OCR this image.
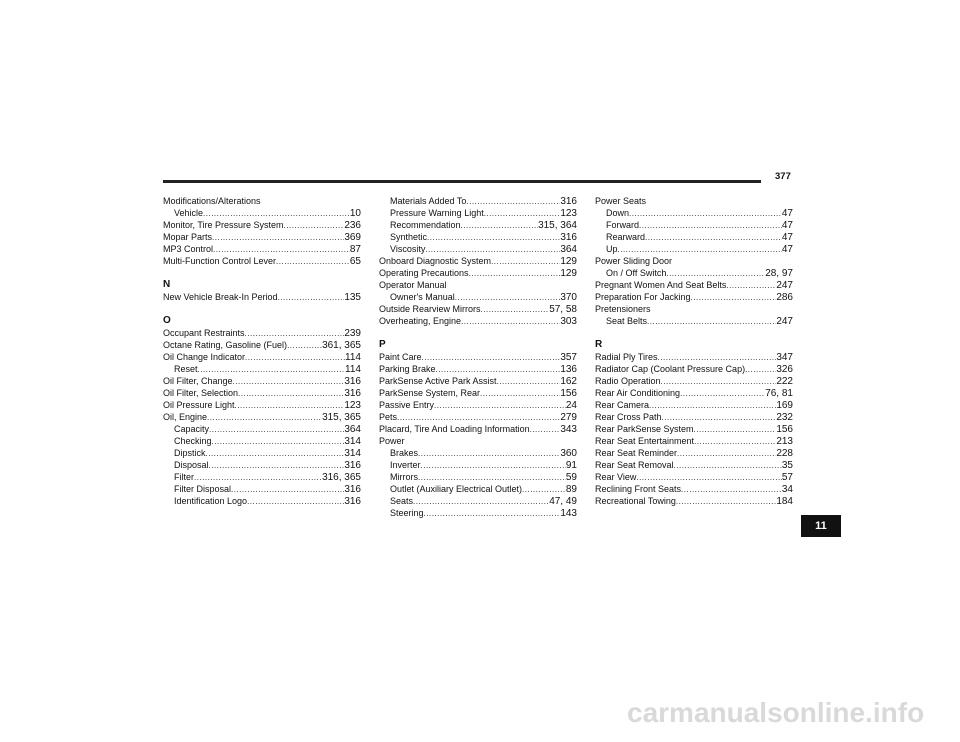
377
Modifications/Alterations
Vehicle .....	10
Monitor, Tire Pressure System .....	236
Mopar Parts .....	369
MP3 Control .....	87
Multi-Function Control Lever .....	65
N
New Vehicle Break-In Period .....	135
O
Occupant Restraints .....	239
Octane Rating, Gasoline (Fuel) .....	361, 365
Oil Change Indicator .....	114
Reset .....	114
Oil Filter, Change .....	316
Oil Filter, Selection .....	316
Oil Pressure Light .....	123
Oil, Engine .....	315, 365
Capacity .....	364
Checking .....	314
Dipstick .....	314
Disposal .....	316
Filter .....	316, 365
Filter Disposal .....	316
Identification Logo .....	316
Materials Added To .....	316
Pressure Warning Light .....	123
Recommendation .....	315, 364
Synthetic .....	316
Viscosity .....	364
Onboard Diagnostic System .....	129
Operating Precautions .....	129
Operator Manual
Owner's Manual .....	370
Outside Rearview Mirrors .....	57, 58
Overheating, Engine .....	303
P
Paint Care .....	357
Parking Brake .....	136
ParkSense Active Park Assist .....	162
ParkSense System, Rear .....	156
Passive Entry .....	24
Pets .....	279
Placard, Tire And Loading Information .....	343
Power
Brakes .....	360
Inverter .....	91
Mirrors .....	59
Outlet (Auxiliary Electrical Outlet) .....	89
Seats .....	47, 49
Steering .....	143
Power Seats
Down .....	47
Forward .....	47
Rearward .....	47
Up .....	47
Power Sliding Door
On / Off Switch .....	28, 97
Pregnant Women And Seat Belts .....	247
Preparation For Jacking .....	286
Pretensioners
Seat Belts .....	247
R
Radial Ply Tires .....	347
Radiator Cap (Coolant Pressure Cap) .....	326
Radio Operation .....	222
Rear Air Conditioning .....	76, 81
Rear Camera .....	169
Rear Cross Path .....	232
Rear ParkSense System .....	156
Rear Seat Entertainment .....	213
Rear Seat Reminder .....	228
Rear Seat Removal .....	35
Rear View .....	57
Reclining Front Seats .....	34
Recreational Towing .....	184
11
carmanualsonline.info
